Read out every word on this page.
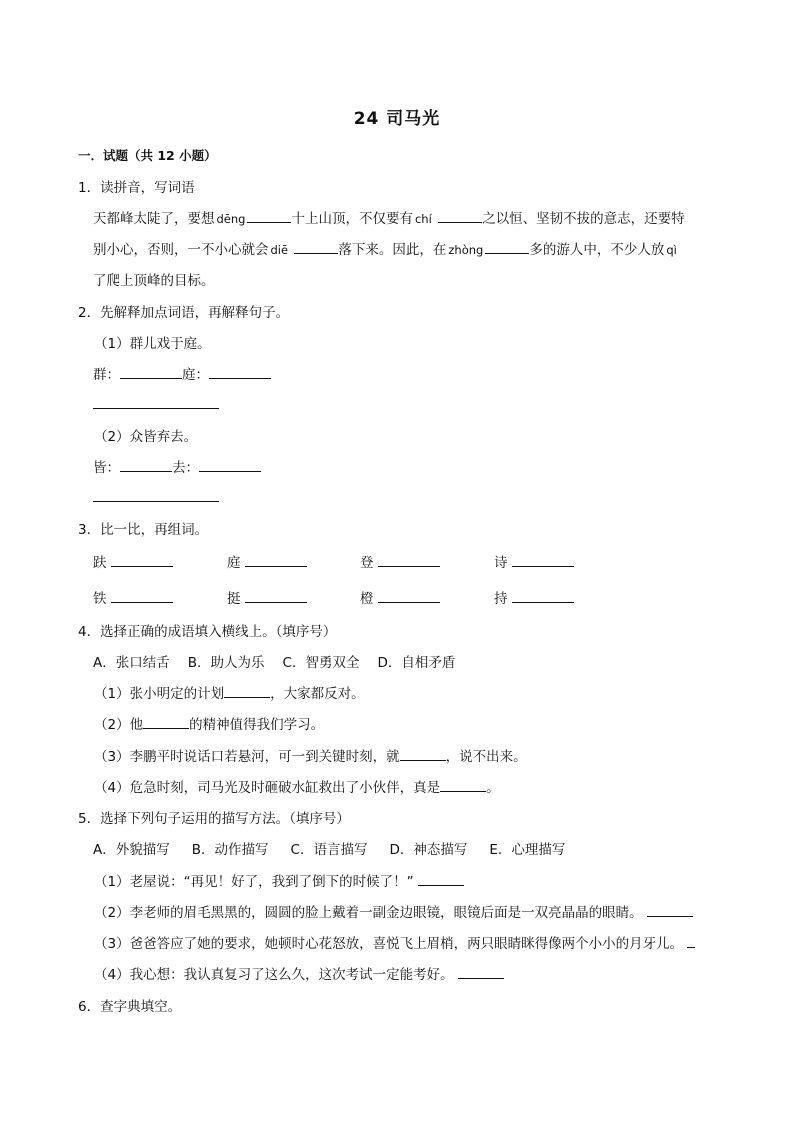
24 司马光
一．试题（共 12 小题）
1．读拼音，写词语
天都峰太陡了，要想 dēng	十上山顶，不仅要有 chí	之以恒、坚韧不拔的意志，还要特
别小心，否则，一不小心就会 diē	落下来。因此，在 zhòng	多的游人中，不少人放 qì
了爬上顶峰的目标。
2．先解释加点词语，再解释句子。
（1）群儿戏于庭。
群：	庭：
（2）众皆弃去。
皆：	去：
3．比一比，再组词。
趺	庭	登	诗
铁	挺	橙	持
4．选择正确的成语填入横线上。（填序号）
A．张口结舌 B．助人为乐 C．智勇双全 D．自相矛盾
（1）张小明定的计划	，大家都反对。
（2）他	的精神值得我们学习。
（3）李鹏平时说话口若悬河，可一到关键时刻，就	，说不出来。
（4）危急时刻，司马光及时砸破水缸救出了小伙伴，真是	。
5．选择下列句子运用的描写方法。（填序号）
A．外貌描写 B．动作描写 C．语言描写 D．神态描写 E．心理描写
（1）老屋说：“再见！好了，我到了倒下的时候了！”
（2）李老师的眉毛黑黑的，圆圆的脸上戴着一副金边眼镜，眼镜后面是一双亮晶晶的眼睛。
（3）爸爸答应了她的要求，她顿时心花怒放，喜悦飞上眉梢，两只眼睛眯得像两个小小的月牙儿。
（4）我心想：我认真复习了这么久，这次考试一定能考好。
6．查字典填空。
